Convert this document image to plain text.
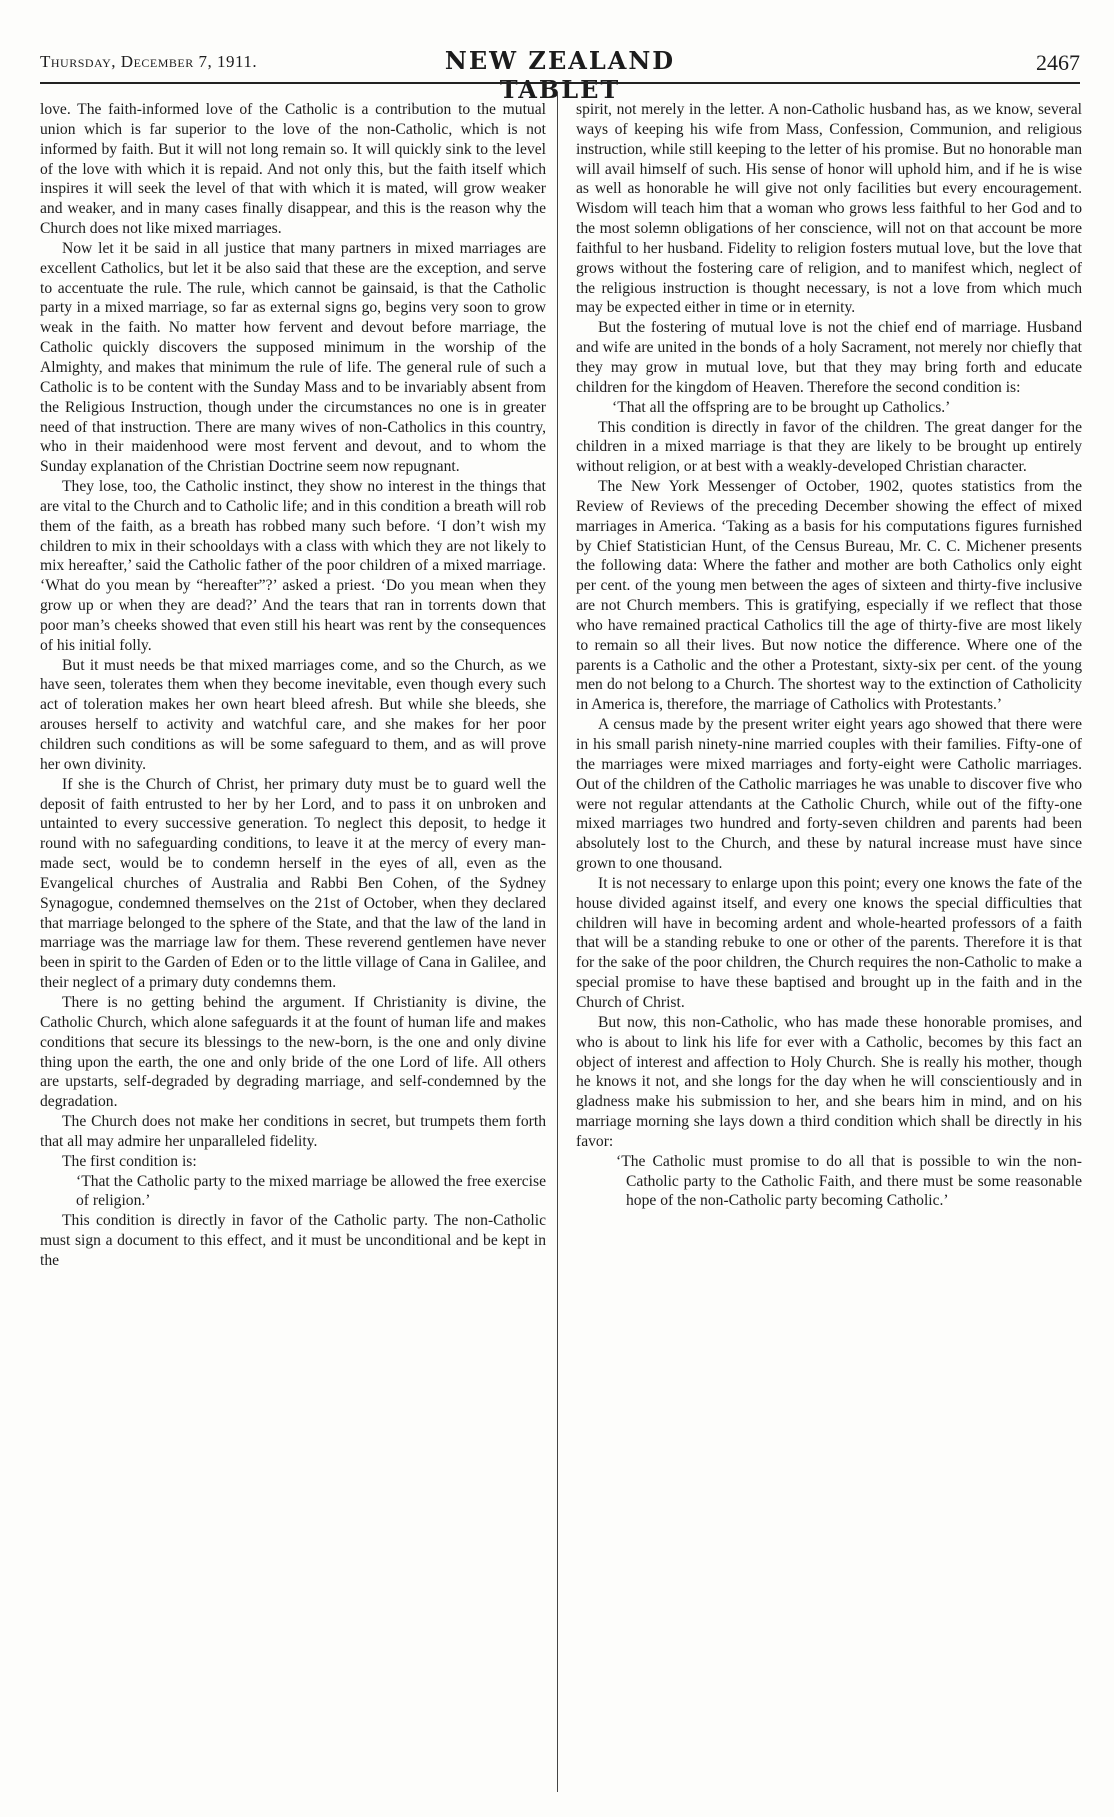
Thursday, December 7, 1911.	NEW ZEALAND TABLET
2467

love. The faith-informed love of the Catholic is a contribution to the mutual union which is far superior to the love of the non-Catholic, which is not informed by faith. But it will not long remain so. It will quickly sink to the level of the love with which it is repaid. And not only this, but the faith itself which inspires it will seek the level of that with which it is mated, will grow weaker and weaker, and in many cases finally disappear, and this is the reason why the Church does not like mixed marriages.

Now let it be said in all justice that many partners in mixed marriages are excellent Catholics, but let it be also said that these are the exception, and serve to accentuate the rule. The rule, which cannot be gainsaid, is that the Catholic party in a mixed marriage, so far as external signs go, begins very soon to grow weak in the faith. No matter how fervent and devout before marriage, the Catholic quickly discovers the supposed minimum in the worship of the Almighty, and makes that minimum the rule of life. The general rule of such a Catholic is to be content with the Sunday Mass and to be invariably absent from the Religious Instruction, though under the circumstances no one is in greater need of that instruction. There are many wives of non-Catholics in this country, who in their maidenhood were most fervent and devout, and to whom the Sunday explanation of the Christian Doctrine seem now repugnant.

They lose, too, the Catholic instinct, they show no interest in the things that are vital to the Church and to Catholic life; and in this condition a breath will rob them of the faith, as a breath has robbed many such before. ‘I don’t wish my children to mix in their schooldays with a class with which they are not likely to mix hereafter,’ said the Catholic father of the poor children of a mixed marriage. ‘What do you mean by “hereafter”?’ asked a priest. ‘Do you mean when they grow up or when they are dead?’ And the tears that ran in torrents down that poor man’s cheeks showed that even still his heart was rent by the consequences of his initial folly.

But it must needs be that mixed marriages come, and so the Church, as we have seen, tolerates them when they become inevitable, even though every such act of toleration makes her own heart bleed afresh. But while she bleeds, she arouses herself to activity and watchful care, and she makes for her poor children such conditions as will be some safeguard to them, and as will prove her own divinity.

If she is the Church of Christ, her primary duty must be to guard well the deposit of faith entrusted to her by her Lord, and to pass it on unbroken and untainted to every successive generation. To neglect this deposit, to hedge it round with no safeguarding conditions, to leave it at the mercy of every man-made sect, would be to condemn herself in the eyes of all, even as the Evangelical churches of Australia and Rabbi Ben Cohen, of the Sydney Synagogue, condemned themselves on the 21st of October, when they declared that marriage belonged to the sphere of the State, and that the law of the land in marriage was the marriage law for them. These reverend gentlemen have never been in spirit to the Garden of Eden or to the little village of Cana in Galilee, and their neglect of a primary duty condemns them.

There is no getting behind the argument. If Christianity is divine, the Catholic Church, which alone safeguards it at the fount of human life and makes conditions that secure its blessings to the new-born, is the one and only divine thing upon the earth, the one and only bride of the one Lord of life. All others are upstarts, self-degraded by degrading marriage, and self-condemned by the degradation.

The Church does not make her conditions in secret, but trumpets them forth that all may admire her unparalleled fidelity.

The first condition is:

‘That the Catholic party to the mixed marriage be allowed the free exercise of religion.’

This condition is directly in favor of the Catholic party. The non-Catholic must sign a document to this effect, and it must be unconditional and be kept in the

spirit, not merely in the letter. A non-Catholic husband has, as we know, several ways of keeping his wife from Mass, Confession, Communion, and religious instruction, while still keeping to the letter of his promise. But no honorable man will avail himself of such. His sense of honor will uphold him, and if he is wise as well as honorable he will give not only facilities but every encouragement. Wisdom will teach him that a woman who grows less faithful to her God and to the most solemn obligations of her conscience, will not on that account be more faithful to her husband. Fidelity to religion fosters mutual love, but the love that grows without the fostering care of religion, and to manifest which, neglect of the religious instruction is thought necessary, is not a love from which much may be expected either in time or in eternity.

But the fostering of mutual love is not the chief end of marriage. Husband and wife are united in the bonds of a holy Sacrament, not merely nor chiefly that they may grow in mutual love, but that they may bring forth and educate children for the kingdom of Heaven. Therefore the second condition is:

‘That all the offspring are to be brought up Catholics.’

This condition is directly in favor of the children. The great danger for the children in a mixed marriage is that they are likely to be brought up entirely without religion, or at best with a weakly-developed Christian character.

The New York Messenger of October, 1902, quotes statistics from the Review of Reviews of the preceding December showing the effect of mixed marriages in America. ‘Taking as a basis for his computations figures furnished by Chief Statistician Hunt, of the Census Bureau, Mr. C. C. Michener presents the following data: Where the father and mother are both Catholics only eight per cent. of the young men between the ages of sixteen and thirty-five inclusive are not Church members. This is gratifying, especially if we reflect that those who have remained practical Catholics till the age of thirty-five are most likely to remain so all their lives. But now notice the difference. Where one of the parents is a Catholic and the other a Protestant, sixty-six per cent. of the young men do not belong to a Church. The shortest way to the extinction of Catholicity in America is, therefore, the marriage of Catholics with Protestants.’

A census made by the present writer eight years ago showed that there were in his small parish ninety-nine married couples with their families. Fifty-one of the marriages were mixed marriages and forty-eight were Catholic marriages. Out of the children of the Catholic marriages he was unable to discover five who were not regular attendants at the Catholic Church, while out of the fifty-one mixed marriages two hundred and forty-seven children and parents had been absolutely lost to the Church, and these by natural increase must have since grown to one thousand.

It is not necessary to enlarge upon this point; every one knows the fate of the house divided against itself, and every one knows the special difficulties that children will have in becoming ardent and whole-hearted professors of a faith that will be a standing rebuke to one or other of the parents. Therefore it is that for the sake of the poor children, the Church requires the non-Catholic to make a special promise to have these baptised and brought up in the faith and in the Church of Christ.

But now, this non-Catholic, who has made these honorable promises, and who is about to link his life for ever with a Catholic, becomes by this fact an object of interest and affection to Holy Church. She is really his mother, though he knows it not, and she longs for the day when he will conscientiously and in gladness make his submission to her, and she bears him in mind, and on his marriage morning she lays down a third condition which shall be directly in his favor:

‘The Catholic must promise to do all that is possible to win the non-Catholic party to the Catholic Faith, and there must be some reasonable hope of the non-Catholic party becoming Catholic.’
